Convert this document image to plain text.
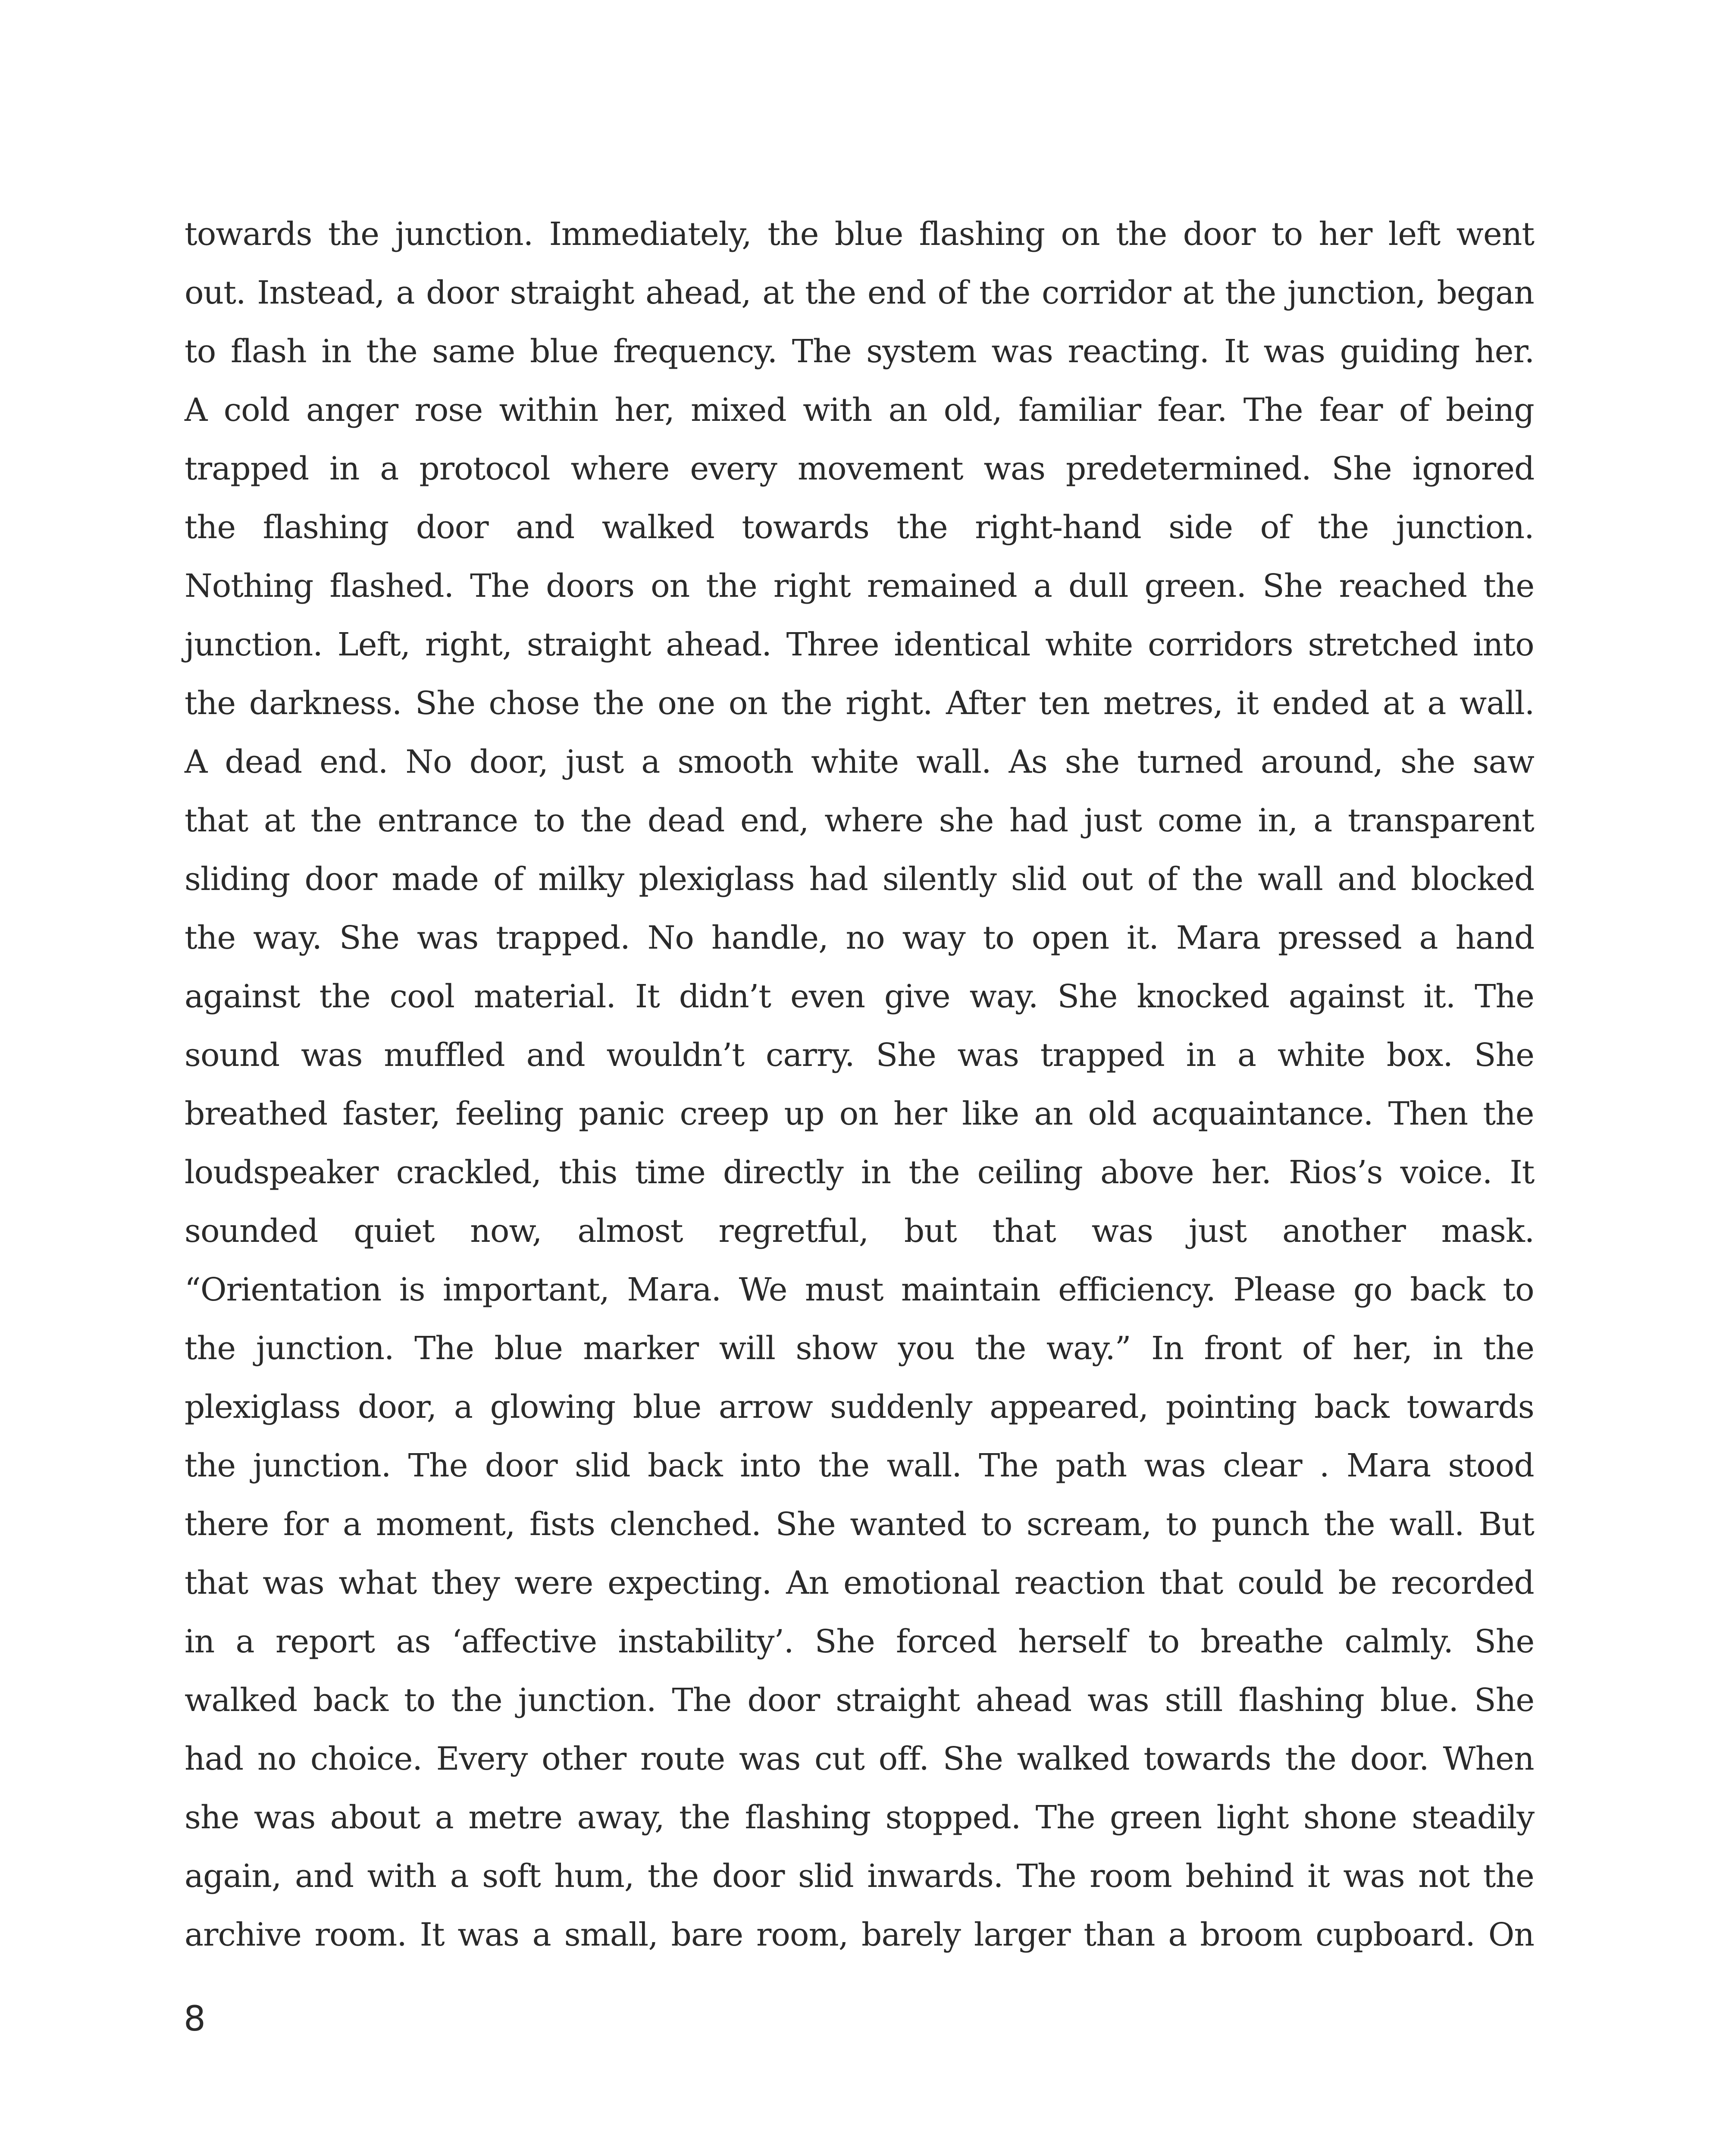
towards the junction. Immediately, the blue flashing on the door to her left went
out. Instead, a door straight ahead, at the end of the corridor at the junction, began
to flash in the same blue frequency. The system was reacting. It was guiding her.
A cold anger rose within her, mixed with an old, familiar fear. The fear of being
trapped in a protocol where every movement was predetermined. She ignored
the flashing door and walked towards the right-hand side of the junction.
Nothing flashed. The doors on the right remained a dull green. She reached the
junction. Left, right, straight ahead. Three identical white corridors stretched into
the darkness. She chose the one on the right. After ten metres, it ended at a wall.
A dead end. No door, just a smooth white wall. As she turned around, she saw
that at the entrance to the dead end, where she had just come in, a transparent
sliding door made of milky plexiglass had silently slid out of the wall and blocked
the way. She was trapped. No handle, no way to open it. Mara pressed a hand
against the cool material. It didn’t even give way. She knocked against it. The
sound was muffled and wouldn’t carry. She was trapped in a white box. She
breathed faster, feeling panic creep up on her like an old acquaintance. Then the
loudspeaker crackled, this time directly in the ceiling above her. Rios’s voice. It
sounded quiet now, almost regretful, but that was just another mask.
“Orientation is important, Mara. We must maintain efficiency. Please go back to
the junction. The blue marker will show you the way.” In front of her, in the
plexiglass door, a glowing blue arrow suddenly appeared, pointing back towards
the junction. The door slid back into the wall. The path was clear . Mara stood
there for a moment, fists clenched. She wanted to scream, to punch the wall. But
that was what they were expecting. An emotional reaction that could be recorded
in a report as ‘affective instability’. She forced herself to breathe calmly. She
walked back to the junction. The door straight ahead was still flashing blue. She
had no choice. Every other route was cut off. She walked towards the door. When
she was about a metre away, the flashing stopped. The green light shone steadily
again, and with a soft hum, the door slid inwards. The room behind it was not the
archive room. It was a small, bare room, barely larger than a broom cupboard. On
8
